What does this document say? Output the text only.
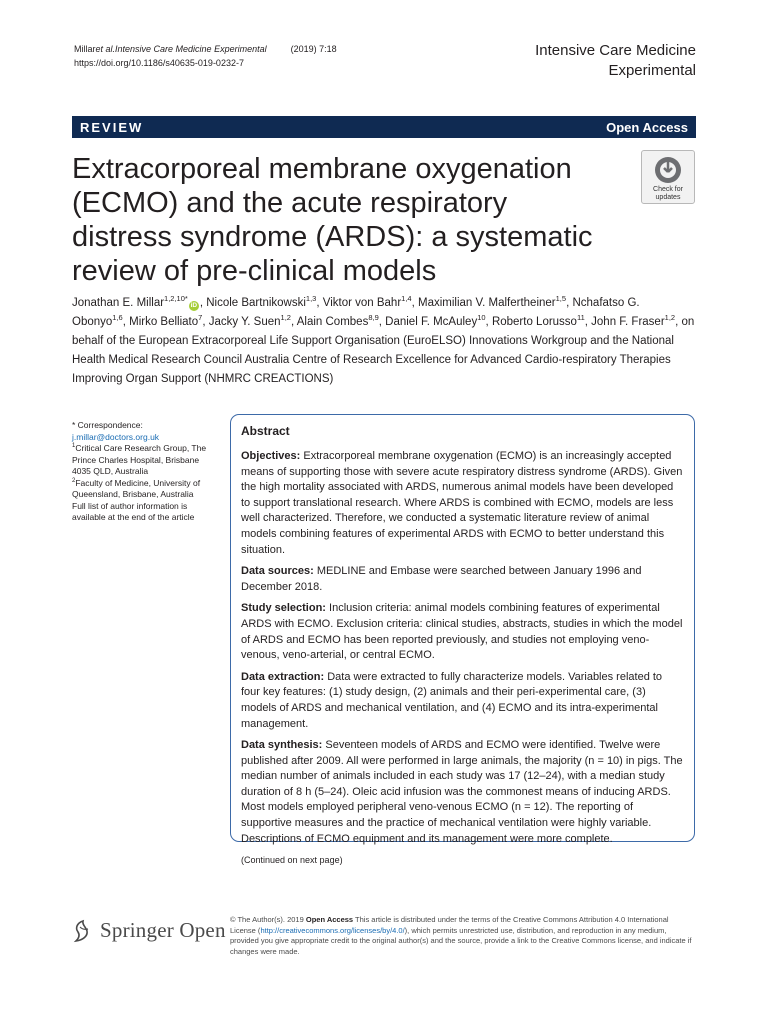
Millaret al.Intensive Care Medicine Experimental	(2019) 7:18
https://doi.org/10.1186/s40635-019-0232-7
Intensive Care Medicine
Experimental
REVIEW	Open Access
Extracorporeal membrane oxygenation (ECMO) and the acute respiratory distress syndrome (ARDS): a systematic review of pre-clinical models
Check for
updates
Jonathan E. Millar$^{1,2,10*}$iD , Nicole Bartnikowski$^{1,3}$, Viktor von Bahr$^{1,4}$, Maximilian V. Malfertheiner$^{1,5}$, Nchafatso G. Obonyo$^{1,6}$, Mirko Belliato$^7$, Jacky Y. Suen$^{1,2}$, Alain Combes$^{8,9}$, Daniel F. McAuley$^{10}$, Roberto Lorusso$^{11}$, John F. Fraser$^{1,2}$, on behalf of the European Extracorporeal Life Support Organisation (EuroELSO) Innovations Workgroup and the National Health Medical Research Council Australia Centre of Research Excellence for Advanced Cardio-respiratory Therapies Improving Organ Support (NHMRC CREACTIONS)
* Correspondence: j.millar@doctors.org.uk
$^1$Critical Care Research Group, The Prince Charles Hospital, Brisbane 4035 QLD, Australia
$^2$Faculty of Medicine, University of Queensland, Brisbane, Australia
Full list of author information is available at the end of the article
Abstract
Objectives: Extracorporeal membrane oxygenation (ECMO) is an increasingly accepted means of supporting those with severe acute respiratory distress syndrome (ARDS). Given the high mortality associated with ARDS, numerous animal models have been developed to support translational research. Where ARDS is combined with ECMO, models are less well characterized. Therefore, we conducted a systematic literature review of animal models combining features of experimental ARDS with ECMO to better understand this situation.
Data sources: MEDLINE and Embase were searched between January 1996 and December 2018.
Study selection: Inclusion criteria: animal models combining features of experimental ARDS with ECMO. Exclusion criteria: clinical studies, abstracts, studies in which the model of ARDS and ECMO has been reported previously, and studies not employing veno-venous, veno-arterial, or central ECMO.
Data extraction: Data were extracted to fully characterize models. Variables related to four key features: (1) study design, (2) animals and their peri-experimental care, (3) models of ARDS and mechanical ventilation, and (4) ECMO and its intra-experimental management.
Data synthesis: Seventeen models of ARDS and ECMO were identified. Twelve were published after 2009. All were performed in large animals, the majority (n = 10) in pigs. The median number of animals included in each study was 17 (12–24), with a median study duration of 8 h (5–24). Oleic acid infusion was the commonest means of inducing ARDS. Most models employed peripheral veno-venous ECMO (n = 12). The reporting of supportive measures and the practice of mechanical ventilation were highly variable. Descriptions of ECMO equipment and its management were more complete.
(Continued on next page)
Springer Open © The Author(s). 2019 Open Access This article is distributed under the terms of the Creative Commons Attribution 4.0 International License (http://creativecommons.org/licenses/by/4.0/), which permits unrestricted use, distribution, and reproduction in any medium, provided you give appropriate credit to the original author(s) and the source, provide a link to the Creative Commons license, and indicate if changes were made.
